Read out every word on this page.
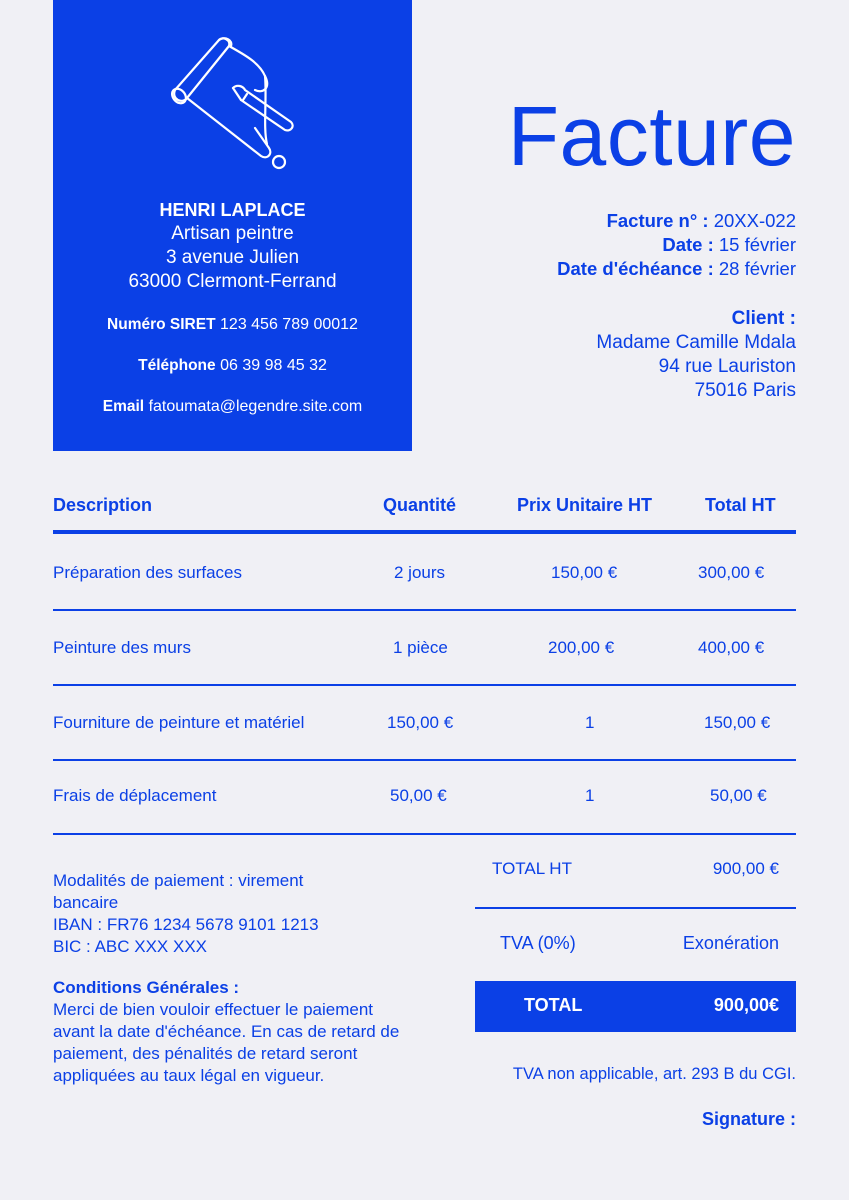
HENRI LAPLACE
Artisan peintre
3 avenue Julien
63000 Clermont-Ferrand
Numéro SIRET 123 456 789 00012
Téléphone 06 39 98 45 32
Email fatoumata@legendre.site.com
Facture
Facture n° : 20XX-022
Date : 15 février
Date d'échéance : 28 février
Client :
Madame Camille Mdala
94 rue Lauriston
75016 Paris
Description	Quantité	Prix Unitaire HT	Total HT
Préparation des surfaces	2 jours	150,00 €	300,00 €
Peinture des murs	1 pièce	200,00 €	400,00 €
Fourniture de peinture et matériel	150,00 €	1	150,00 €
Frais de déplacement	50,00 €	1	50,00 €
TOTAL HT	900,00 €
TVA (0%)	Exonération
TOTAL	900,00€
Modalités de paiement : virement bancaire
IBAN : FR76 1234 5678 9101 1213
BIC : ABC XXX XXX
Conditions Générales :
Merci de bien vouloir effectuer le paiement avant la date d'échéance. En cas de retard de paiement, des pénalités de retard seront appliquées au taux légal en vigueur.	TVA non applicable, art. 293 B du CGI.
Signature :
